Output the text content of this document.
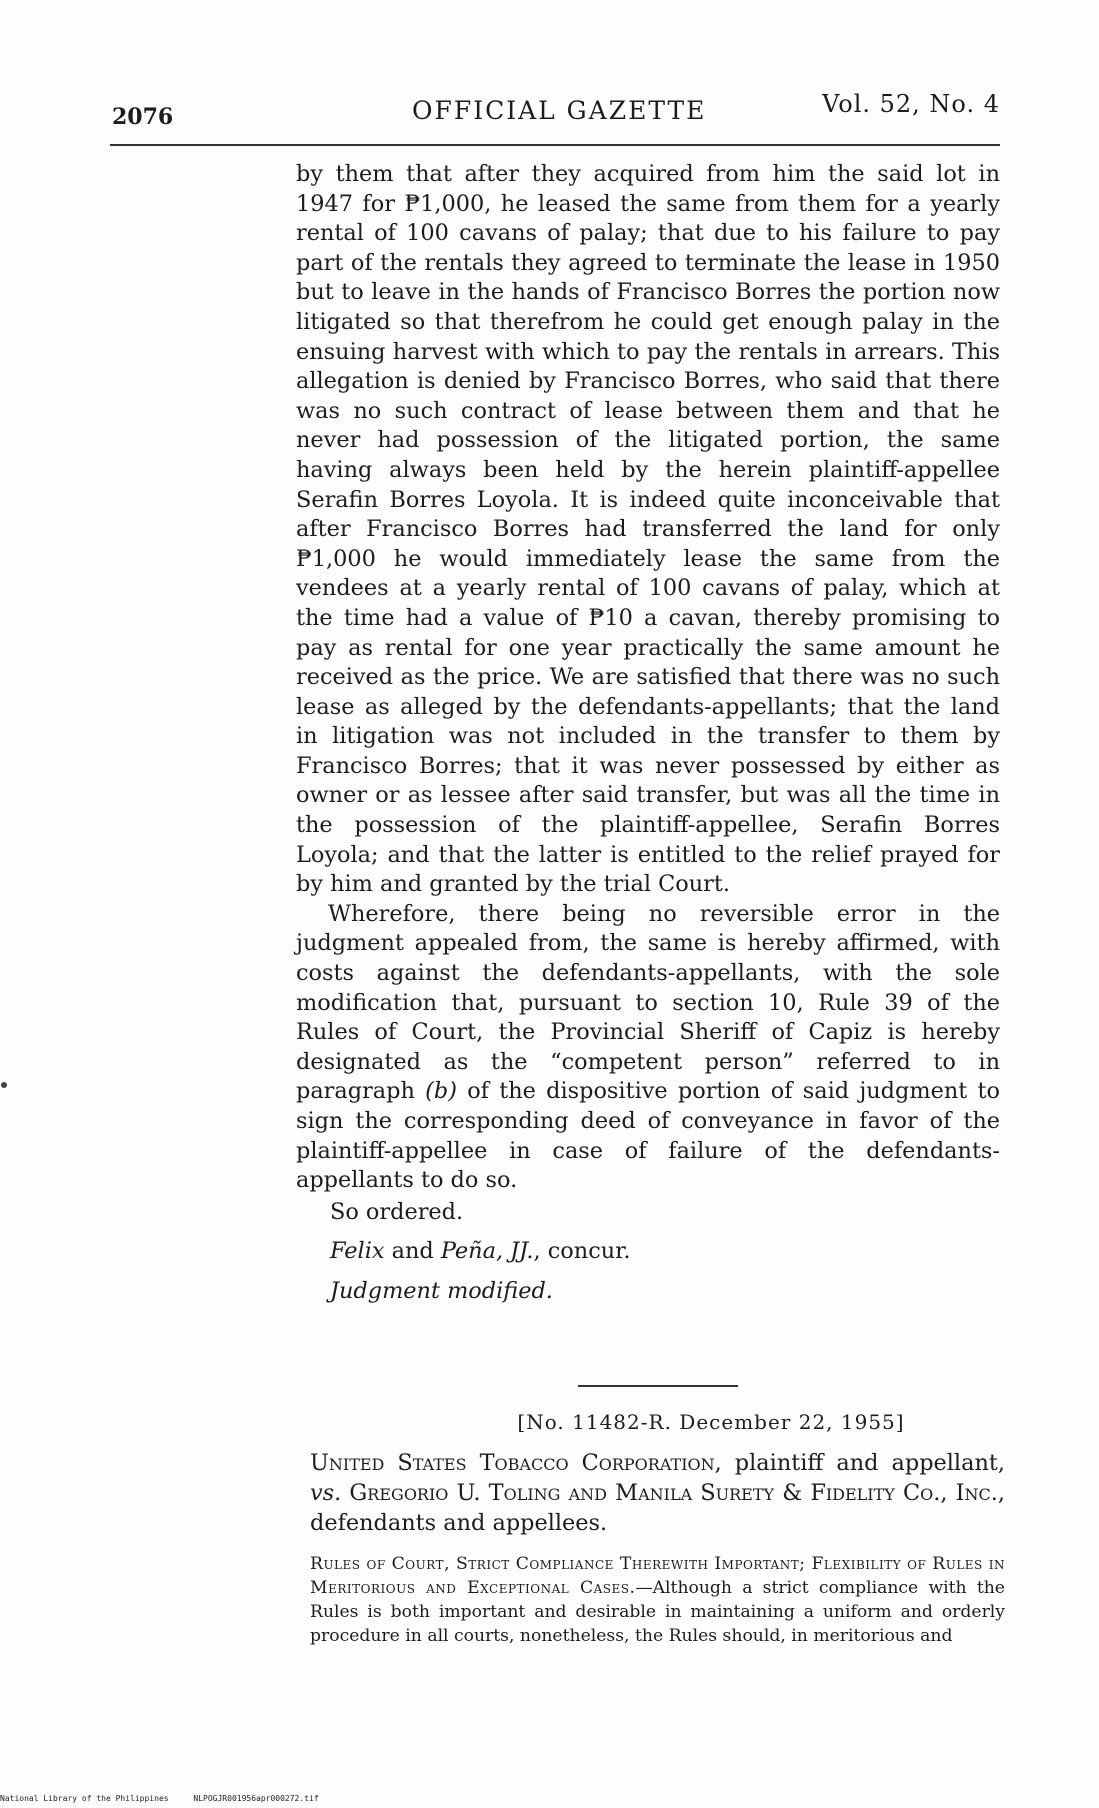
2076	OFFICIAL GAZETTE	Vol. 52, No. 4

by them that after they acquired from him the said lot in 1947 for ₱1,000, he leased the same from them for a yearly rental of 100 cavans of palay; that due to his failure to pay part of the rentals they agreed to terminate the lease in 1950 but to leave in the hands of Francisco Borres the portion now litigated so that therefrom he could get enough palay in the ensuing harvest with which to pay the rentals in arrears. This allegation is denied by Francisco Borres, who said that there was no such contract of lease between them and that he never had possession of the litigated portion, the same having always been held by the herein plaintiff-appellee Serafin Borres Loyola. It is indeed quite inconceivable that after Francisco Borres had transferred the land for only ₱1,000 he would immediately lease the same from the vendees at a yearly rental of 100 cavans of palay, which at the time had a value of ₱10 a cavan, thereby promising to pay as rental for one year practically the same amount he received as the price. We are satisfied that there was no such lease as alleged by the defendants-appellants; that the land in litigation was not included in the transfer to them by Francisco Borres; that it was never possessed by either as owner or as lessee after said transfer, but was all the time in the possession of the plaintiff-appellee, Serafin Borres Loyola; and that the latter is entitled to the relief prayed for by him and granted by the trial Court.

Wherefore, there being no reversible error in the judgment appealed from, the same is hereby affirmed, with costs against the defendants-appellants, with the sole modification that, pursuant to section 10, Rule 39 of the Rules of Court, the Provincial Sheriff of Capiz is hereby designated as the “competent person” referred to in paragraph (b) of the dispositive portion of said judgment to sign the corresponding deed of conveyance in favor of the plaintiff-appellee in case of failure of the defendants-appellants to do so.

So ordered.

Felix and Peña, JJ., concur.

Judgment modified.

[No. 11482-R. December 22, 1955]
United States Tobacco Corporation, plaintiff and appellant, vs. Gregorio U. Toling and Manila Surety & Fidelity Co., Inc., defendants and appellees.
Rules of Court, Strict Compliance Therewith Important; Flexibility of Rules in Meritorious and Exceptional Cases.—Although a strict compliance with the Rules is both important and desirable in maintaining a uniform and orderly procedure in all courts, nonetheless, the Rules should, in meritorious and
National Library of the Philippines	NLPOGJR001956apr000272.tif
